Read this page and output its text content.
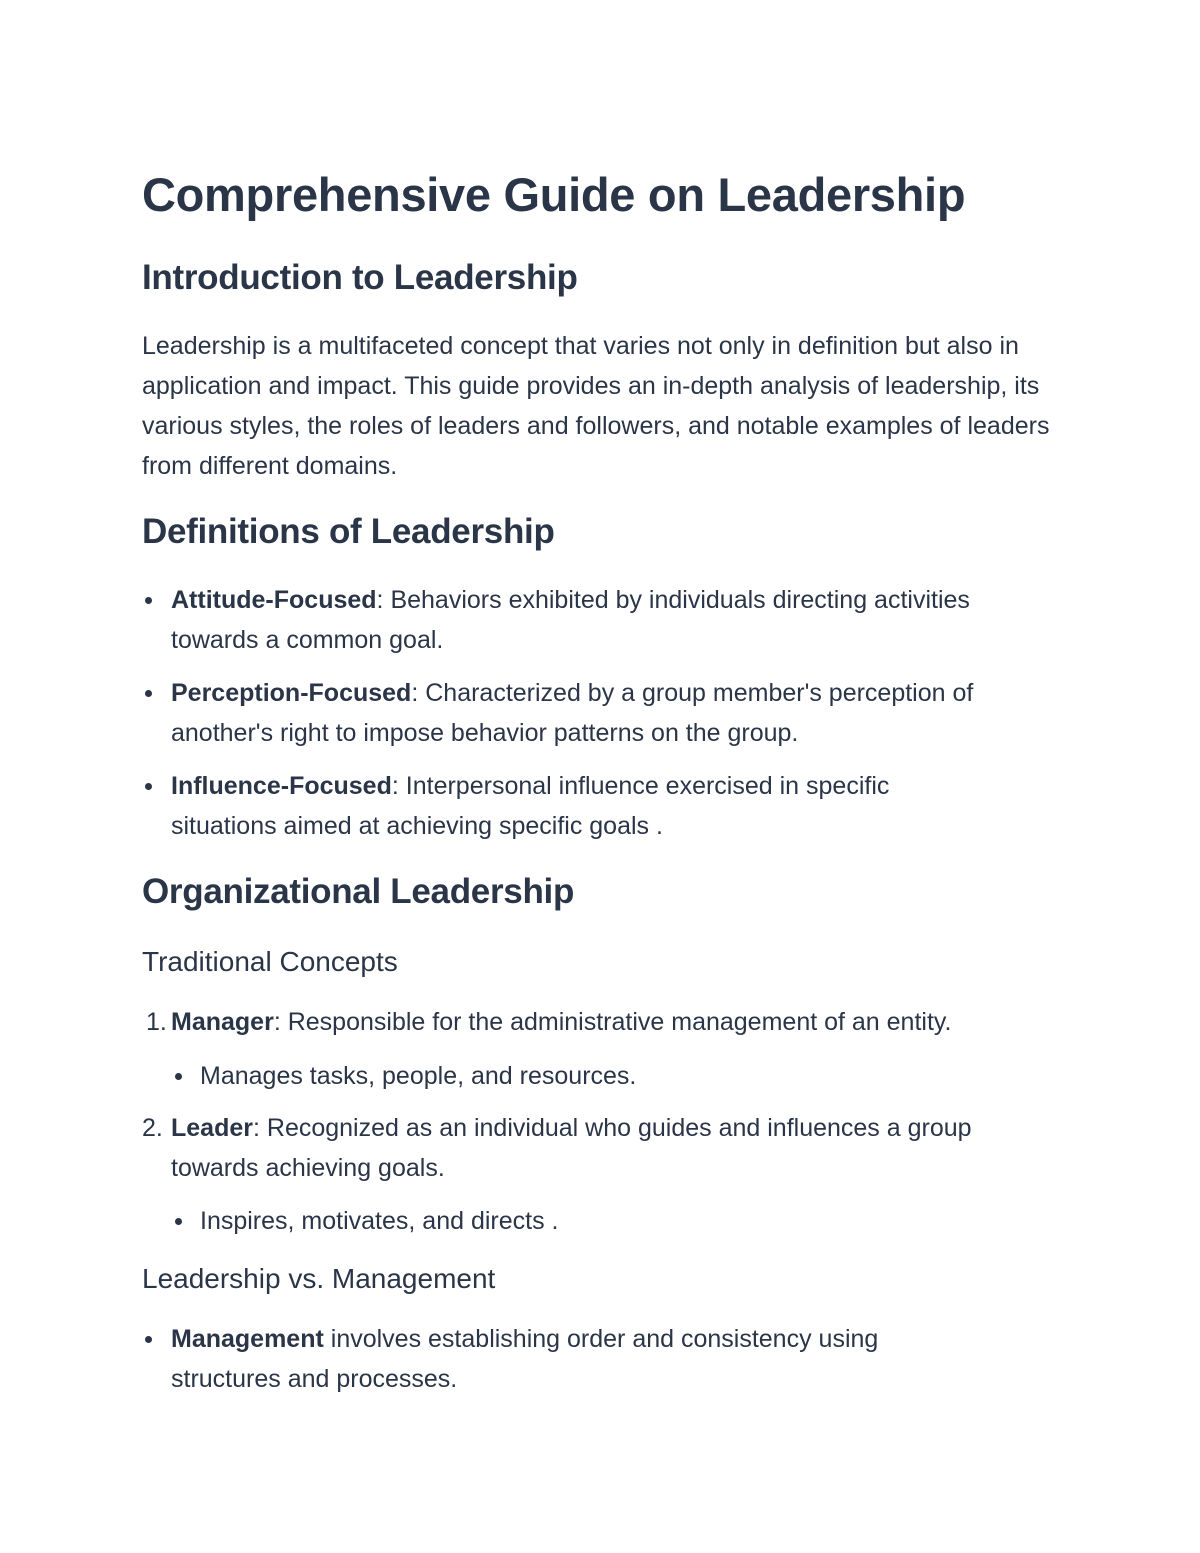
Comprehensive Guide on Leadership
Introduction to Leadership

Leadership is a multifaceted concept that varies not only in definition but also in application and impact. This guide provides an in-depth analysis of leadership, its various styles, the roles of leaders and followers, and notable examples of leaders from different domains.

Definitions of Leadership

Attitude-Focused: Behaviors exhibited by individuals directing activities towards a common goal.

Perception-Focused: Characterized by a group member's perception of another's right to impose behavior patterns on the group.

Influence-Focused: Interpersonal influence exercised in specific situations aimed at achieving specific goals .

Organizational Leadership
Traditional Concepts
1. Manager: Responsible for the administrative management of an entity.

Manages tasks, people, and resources.

2. Leader: Recognized as an individual who guides and influences a group towards achieving goals.

Inspires, motivates, and directs .

Leadership vs. Management

Management involves establishing order and consistency using structures and processes.
